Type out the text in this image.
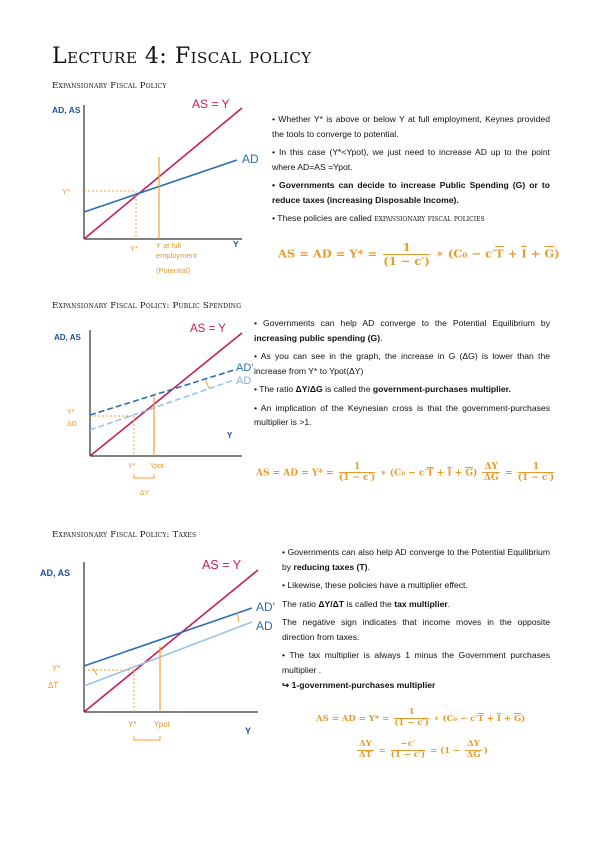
Lecture 4: Fiscal policy
Expansionary Fiscal Policy
AD, AS
Y
AS = Y
AD
Y*
Y* Y at full
employment
(Potential)

• Whether Y* is above or below Y at full employment, Keynes provided the tools to converge to potential.

• In this case (Y*<Ypot), we just need to increase AD up to the point where AD=AS =Ypot.

• Governments can decide to increase Public Spending (G) or to reduce taxes (increasing Disposable Income).

• These policies are called expansionary fiscal policies

AS = AD = $Y* = \frac{1}{(1 - c')}$ ∗ $(C_0 - c'\overline{T} + \overline{I} + \overline{G})$
Expansionary Fiscal Policy: Public Spending
AD, AS
Y
AS = Y
AD'
AD
Y*
ΔG
Y* Ypot
ΔY

• Governments can help AD converge to the Potential Equilibrium by increasing public spending (G).

• As you can see in the graph, the increase in G (ΔG) is lower than the increase from Y* to Ypot(ΔY)

• The ratio ΔY/ΔG is called the government-purchases multiplier.

• An implication of the Keynesian cross is that the government-purchases multiplier is >1.

AS = AD = $Y* = \frac{1}{(1 - c')}$ ∗ $(C_0 - c'\overline{T} + \overline{I} + \overline{G}) \frac{\Delta Y}{\Delta G} = \frac{1}{(1 - c')}$
Expansionary Fiscal Policy: Taxes
AD, AS
Y
AS = Y
AD'
AD
Y*
ΔT
Y* Ypot

• Governments can also help AD converge to the Potential Equilibrium by reducing taxes (T).

• Likewise, these policies have a multiplier effect.

The ratio ΔY/ΔT is called the tax multiplier.

The negative sign indicates that income moves in the opposite direction from taxes.

• The tax multiplier is always 1 minus the Government purchases multiplier .

↪ 1-government-purchases multiplier

AS = AD = $Y* = \frac{1}{(1 - c')}$ ∗ $(C_0 - c'\overline{T} + \overline{I} + \overline{G})$
$\frac{\Delta Y}{\Delta T} = \frac{-c'}{(1 - c')} = (1 - \frac{\Delta Y}{\Delta G}$ )
